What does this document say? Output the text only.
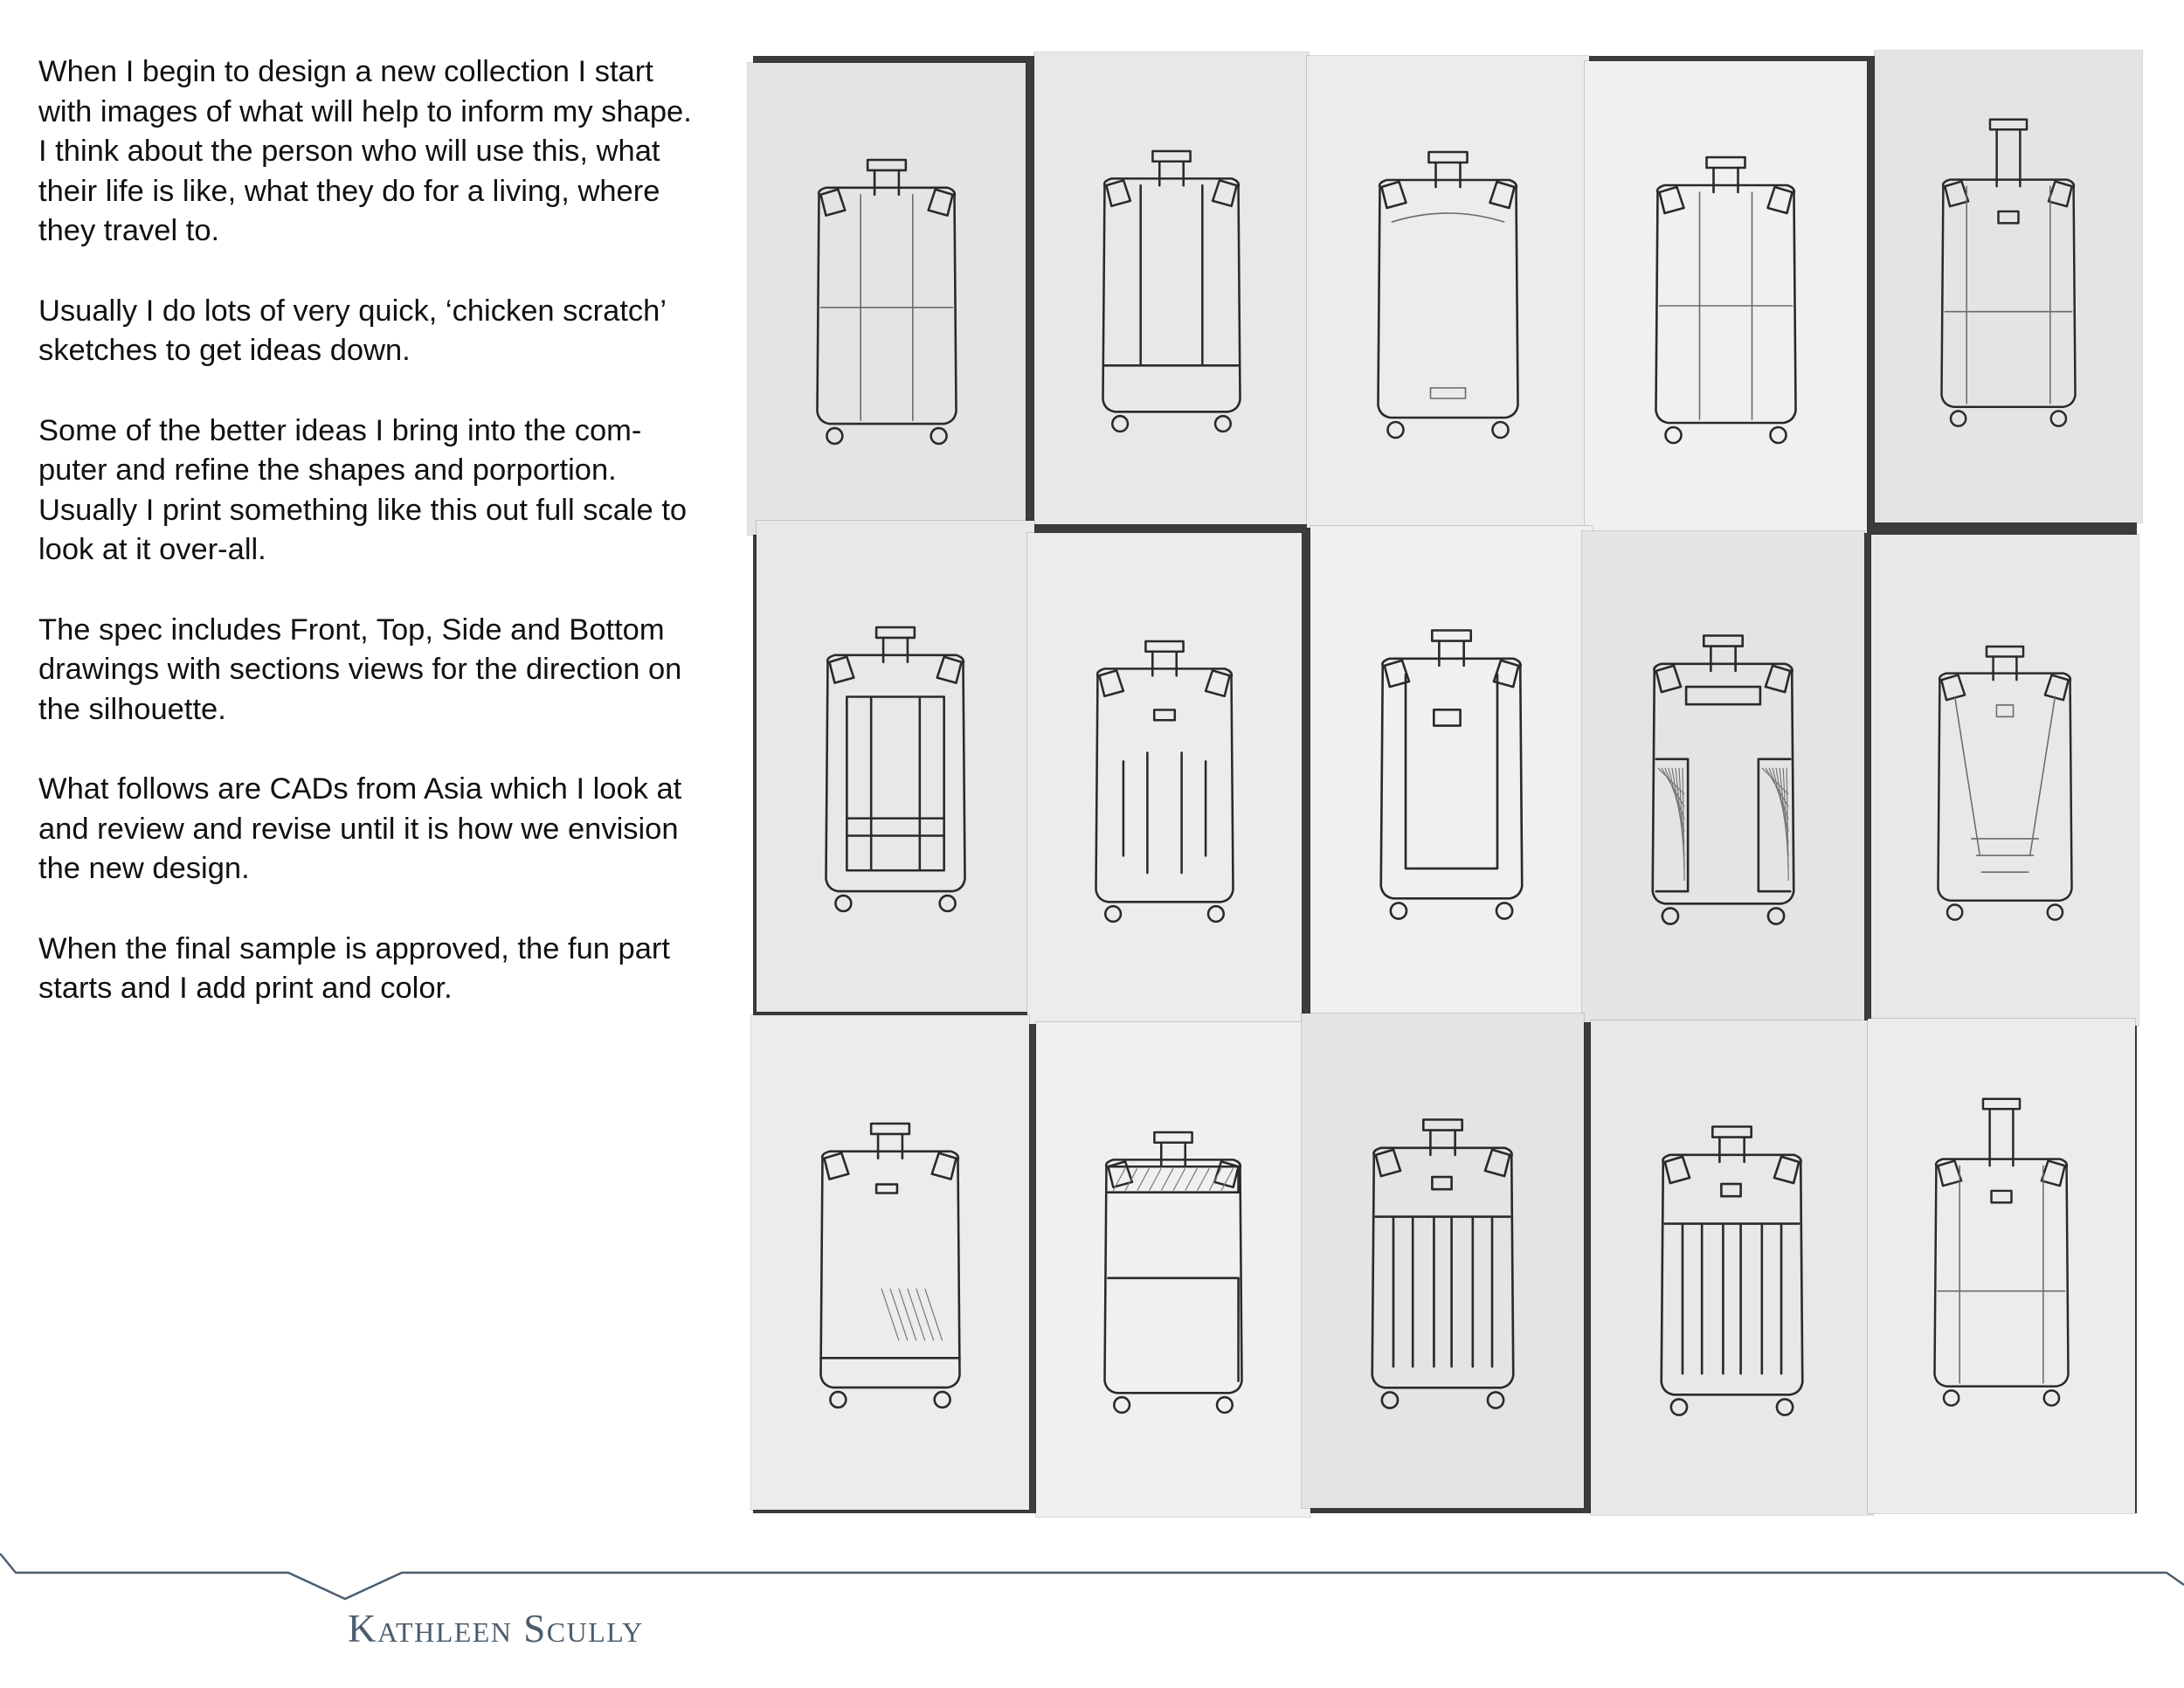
When I begin to design a new collection I start
with images of what will help to inform my shape.
I think about the person who will use this, what
their life is like, what they do for a living, where
they travel to.

Usually I do lots of very quick, ‘chicken scratch’
sketches to get ideas down.

Some of the better ideas I bring into the com-
puter and refine the shapes and porportion.
Usually I print something like this out full scale to
look at it over-all.

The spec includes Front, Top, Side and Bottom
drawings with sections views for the direction on
the silhouette.

What follows are CADs from Asia which I look at
and review and revise until it is how we envision
the new design.

When the final sample is approved, the fun part
starts and I add print and color.

Kathleen Scully
